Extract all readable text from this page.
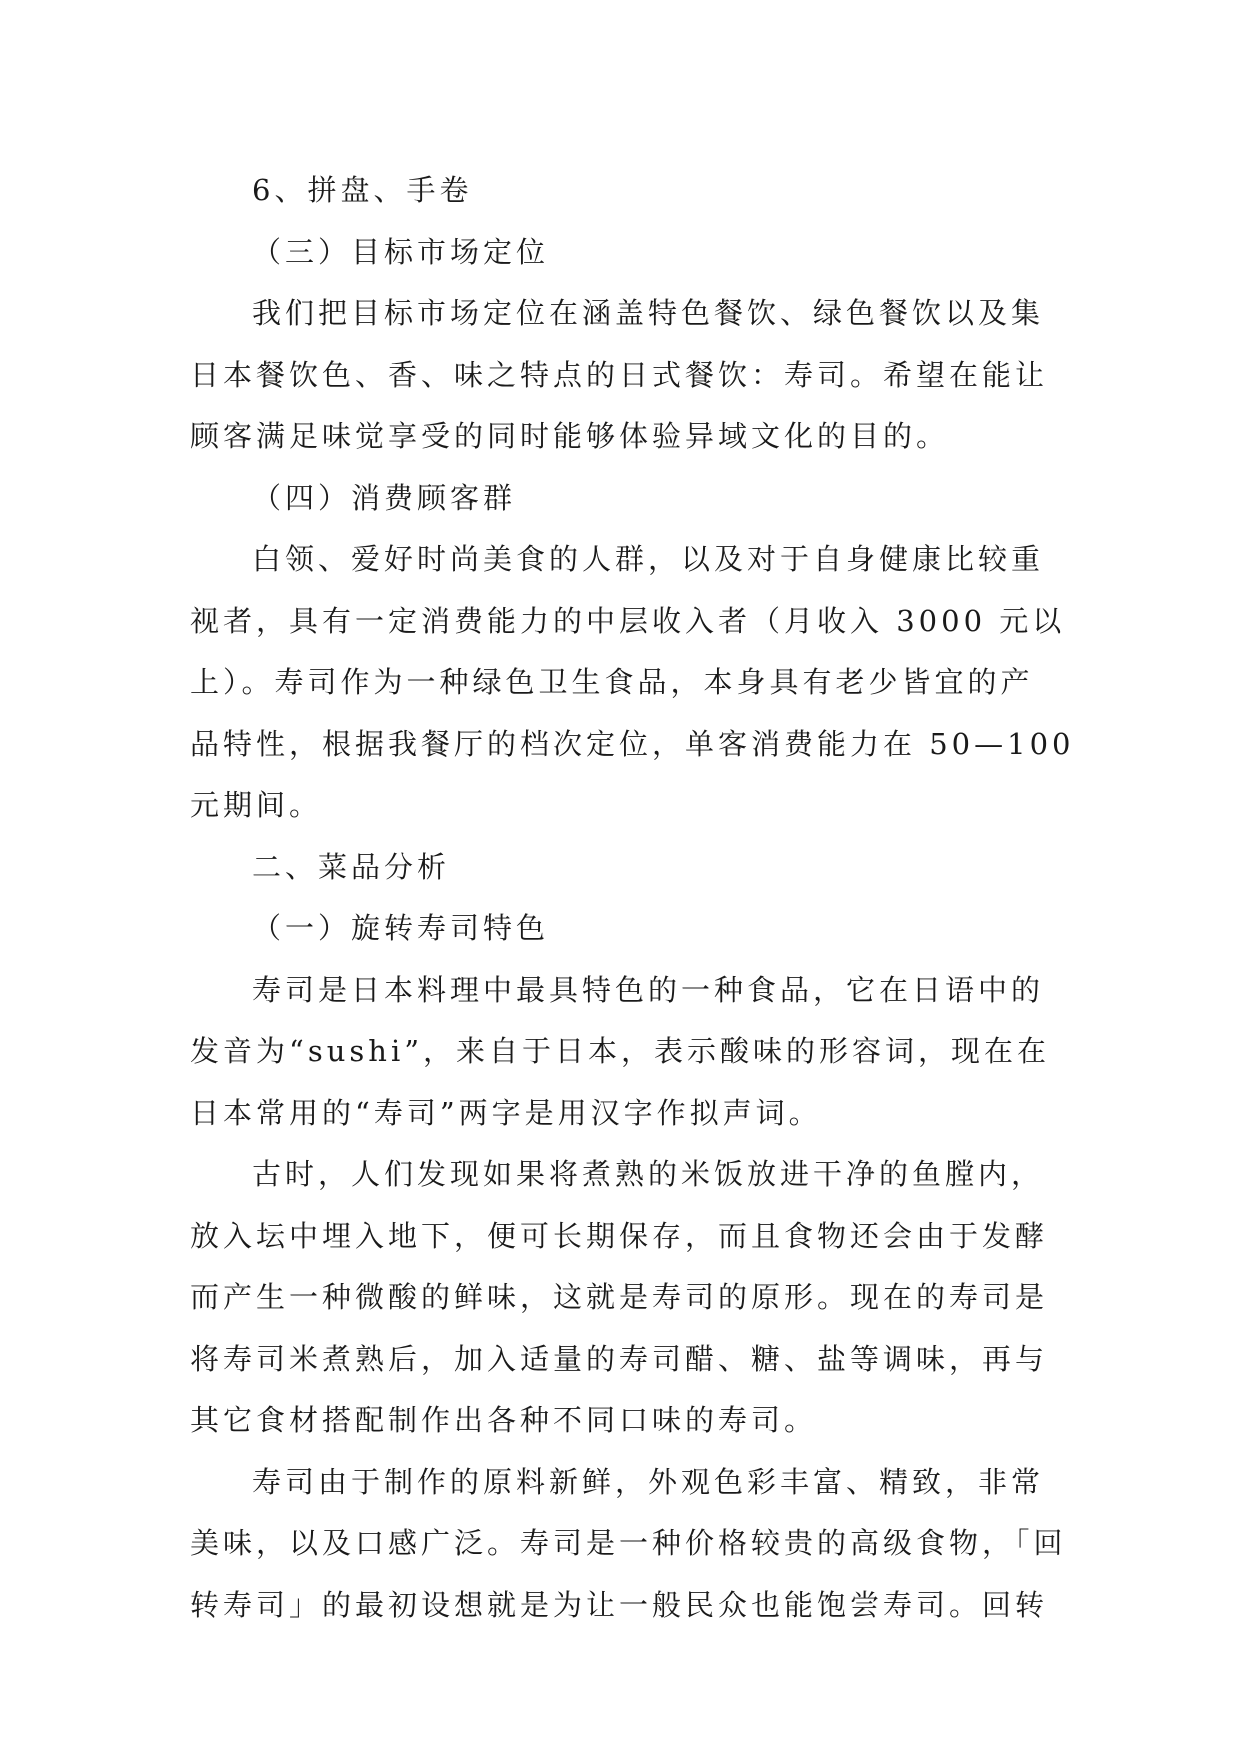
6、拼盘、手卷
（三）目标市场定位
我们把目标市场定位在涵盖特色餐饮、绿色餐饮以及集
日本餐饮色、香、味之特点的日式餐饮：寿司。希望在能让
顾客满足味觉享受的同时能够体验异域文化的目的。
（四）消费顾客群
白领、爱好时尚美食的人群，以及对于自身健康比较重
视者，具有一定消费能力的中层收入者（月收入 3000 元以
上）。寿司作为一种绿色卫生食品，本身具有老少皆宜的产
品特性，根据我餐厅的档次定位，单客消费能力在 50—100
元期间。
二、菜品分析
（一）旋转寿司特色
寿司是日本料理中最具特色的一种食品，它在日语中的
发音为“sushi”，来自于日本，表示酸味的形容词，现在在
日本常用的“寿司”两字是用汉字作拟声词。
古时，人们发现如果将煮熟的米饭放进干净的鱼膛内，
放入坛中埋入地下，便可长期保存，而且食物还会由于发酵
而产生一种微酸的鲜味，这就是寿司的原形。现在的寿司是
将寿司米煮熟后，加入适量的寿司醋、糖、盐等调味，再与
其它食材搭配制作出各种不同口味的寿司。
寿司由于制作的原料新鲜，外观色彩丰富、精致，非常
美味，以及口感广泛。寿司是一种价格较贵的高级食物，「回
转寿司」的最初设想就是为让一般民众也能饱尝寿司。回转
